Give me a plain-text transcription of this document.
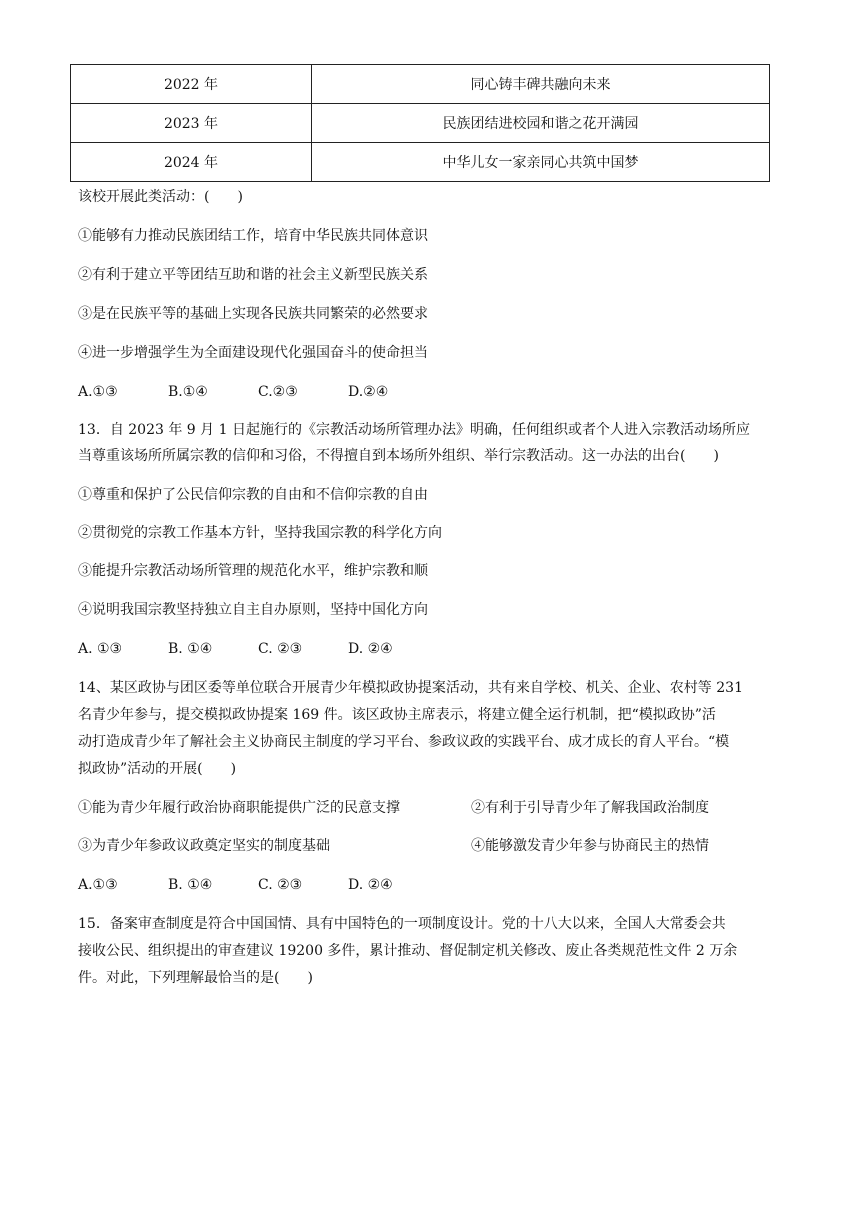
2022 年	同心铸丰碑共融向未来
2023 年	民族团结进校园和谐之花开满园
2024 年	中华儿女一家亲同心共筑中国梦
该校开展此类活动：(　　)
①能够有力推动民族团结工作，培育中华民族共同体意识
②有利于建立平等团结互助和谐的社会主义新型民族关系
③是在民族平等的基础上实现各民族共同繁荣的必然要求
④进一步增强学生为全面建设现代化强国奋斗的使命担当
A.①③	B.①④	C.②③	D.②④
13．自 2023 年 9 月 1 日起施行的《宗教活动场所管理办法》明确，任何组织或者个人进入宗教活动场所应
当尊重该场所所属宗教的信仰和习俗，不得擅自到本场所外组织、举行宗教活动。这一办法的出台(　　)
①尊重和保护了公民信仰宗教的自由和不信仰宗教的自由
②贯彻党的宗教工作基本方针，坚持我国宗教的科学化方向
③能提升宗教活动场所管理的规范化水平，维护宗教和顺
④说明我国宗教坚持独立自主自办原则，坚持中国化方向
A. ①③	B. ①④	C. ②③	D. ②④
14、某区政协与团区委等单位联合开展青少年模拟政协提案活动，共有来自学校、机关、企业、农村等 231
名青少年参与，提交模拟政协提案 169 件。该区政协主席表示，将建立健全运行机制，把“模拟政协”活
动打造成青少年了解社会主义协商民主制度的学习平台、参政议政的实践平台、成才成长的育人平台。“模
拟政协”活动的开展(　　)
①能为青少年履行政治协商职能提供广泛的民意支撑	②有利于引导青少年了解我国政治制度
③为青少年参政议政奠定坚实的制度基础	④能够激发青少年参与协商民主的热情
A.①③	B. ①④	C. ②③	D. ②④
15．备案审查制度是符合中国国情、具有中国特色的一项制度设计。党的十八大以来，全国人大常委会共
接收公民、组织提出的审查建议 19200 多件，累计推动、督促制定机关修改、废止各类规范性文件 2 万余
件。对此，下列理解最恰当的是(　　)
